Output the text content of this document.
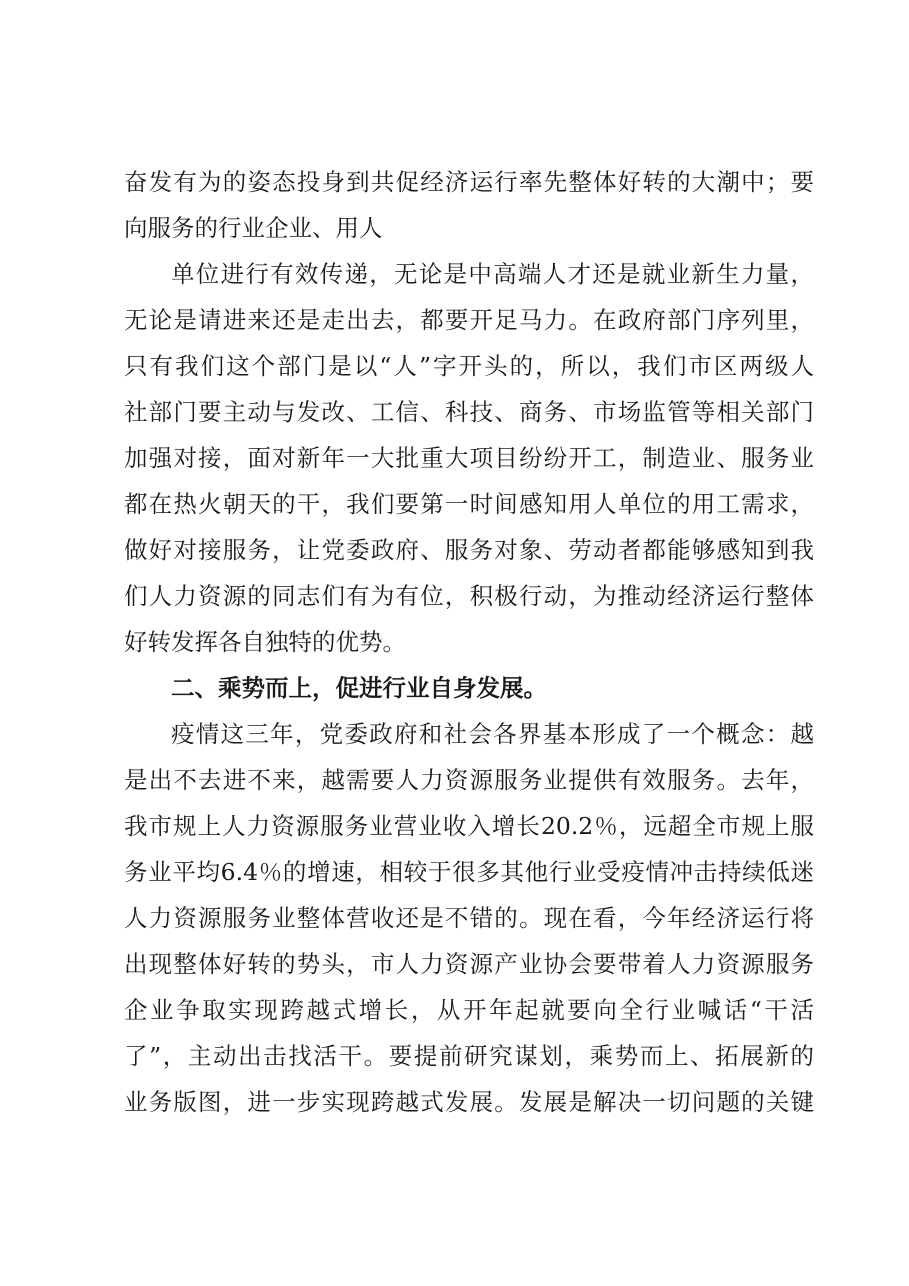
奋发有为的姿态投身到共促经济运行率先整体好转的大潮中；要
向服务的行业企业、用人
单位进行有效传递，无论是中高端人才还是就业新生力量，
无论是请进来还是走出去，都要开足马力。在政府部门序列里，
只有我们这个部门是以“人”字开头的，所以，我们市区两级人
社部门要主动与发改、工信、科技、商务、市场监管等相关部门
加强对接，面对新年一大批重大项目纷纷开工，制造业、服务业
都在热火朝天的干，我们要第一时间感知用人单位的用工需求，
做好对接服务，让党委政府、服务对象、劳动者都能够感知到我
们人力资源的同志们有为有位，积极行动，为推动经济运行整体
好转发挥各自独特的优势。
二、乘势而上，促进行业自身发展。
疫情这三年，党委政府和社会各界基本形成了一个概念：越
是出不去进不来，越需要人力资源服务业提供有效服务。去年，
我市规上人力资源服务业营业收入增长20.2％，远超全市规上服
务业平均6.4％的增速，相较于很多其他行业受疫情冲击持续低迷
人力资源服务业整体营收还是不错的。现在看，今年经济运行将
出现整体好转的势头，市人力资源产业协会要带着人力资源服务
企业争取实现跨越式增长，从开年起就要向全行业喊话“干活
了”，主动出击找活干。要提前研究谋划，乘势而上、拓展新的
业务版图，进一步实现跨越式发展。发展是解决一切问题的关键
